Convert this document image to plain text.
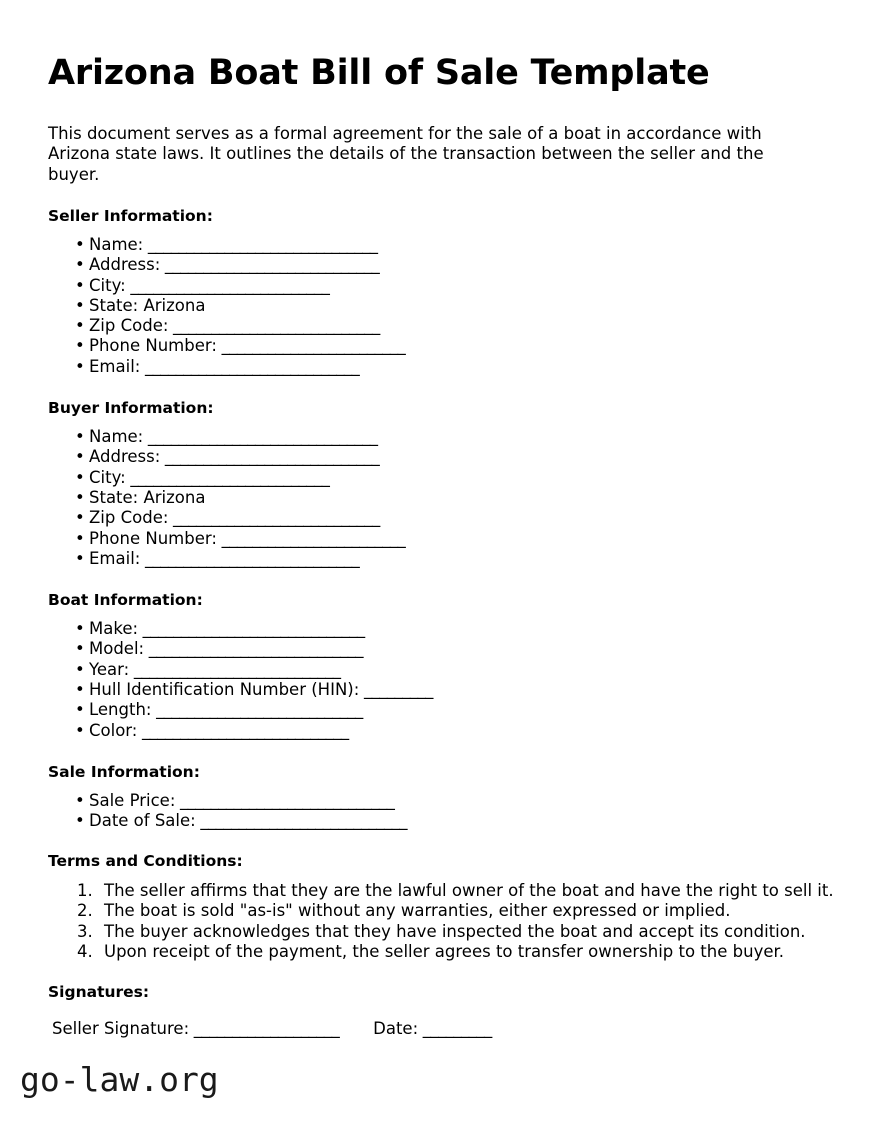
Arizona Boat Bill of Sale Template

This document serves as a formal agreement for the sale of a boat in accordance with Arizona state laws. It outlines the details of the transaction between the seller and the buyer.

Seller Information:
• Name: ______________________________
• Address: ____________________________
• City: __________________________
• State: Arizona
• Zip Code: ___________________________
• Phone Number: ________________________
• Email: ____________________________
Buyer Information:
• Name: ______________________________
• Address: ____________________________
• City: __________________________
• State: Arizona
• Zip Code: ___________________________
• Phone Number: ________________________
• Email: ____________________________
Boat Information:
• Make: _____________________________
• Model: ____________________________
• Year: ___________________________
• Hull Identification Number (HIN): _________
• Length: ___________________________
• Color: ___________________________
Sale Information:
• Sale Price: ____________________________
• Date of Sale: ___________________________
Terms and Conditions:
1. The seller affirms that they are the lawful owner of the boat and have the right to sell it.
2. The boat is sold "as-is" without any warranties, either expressed or implied.
3. The buyer acknowledges that they have inspected the boat and accept its condition.
4. Upon receipt of the payment, the seller agrees to transfer ownership to the buyer.
Signatures:
Seller Signature: ___________________ Date: _________
go-law.org
